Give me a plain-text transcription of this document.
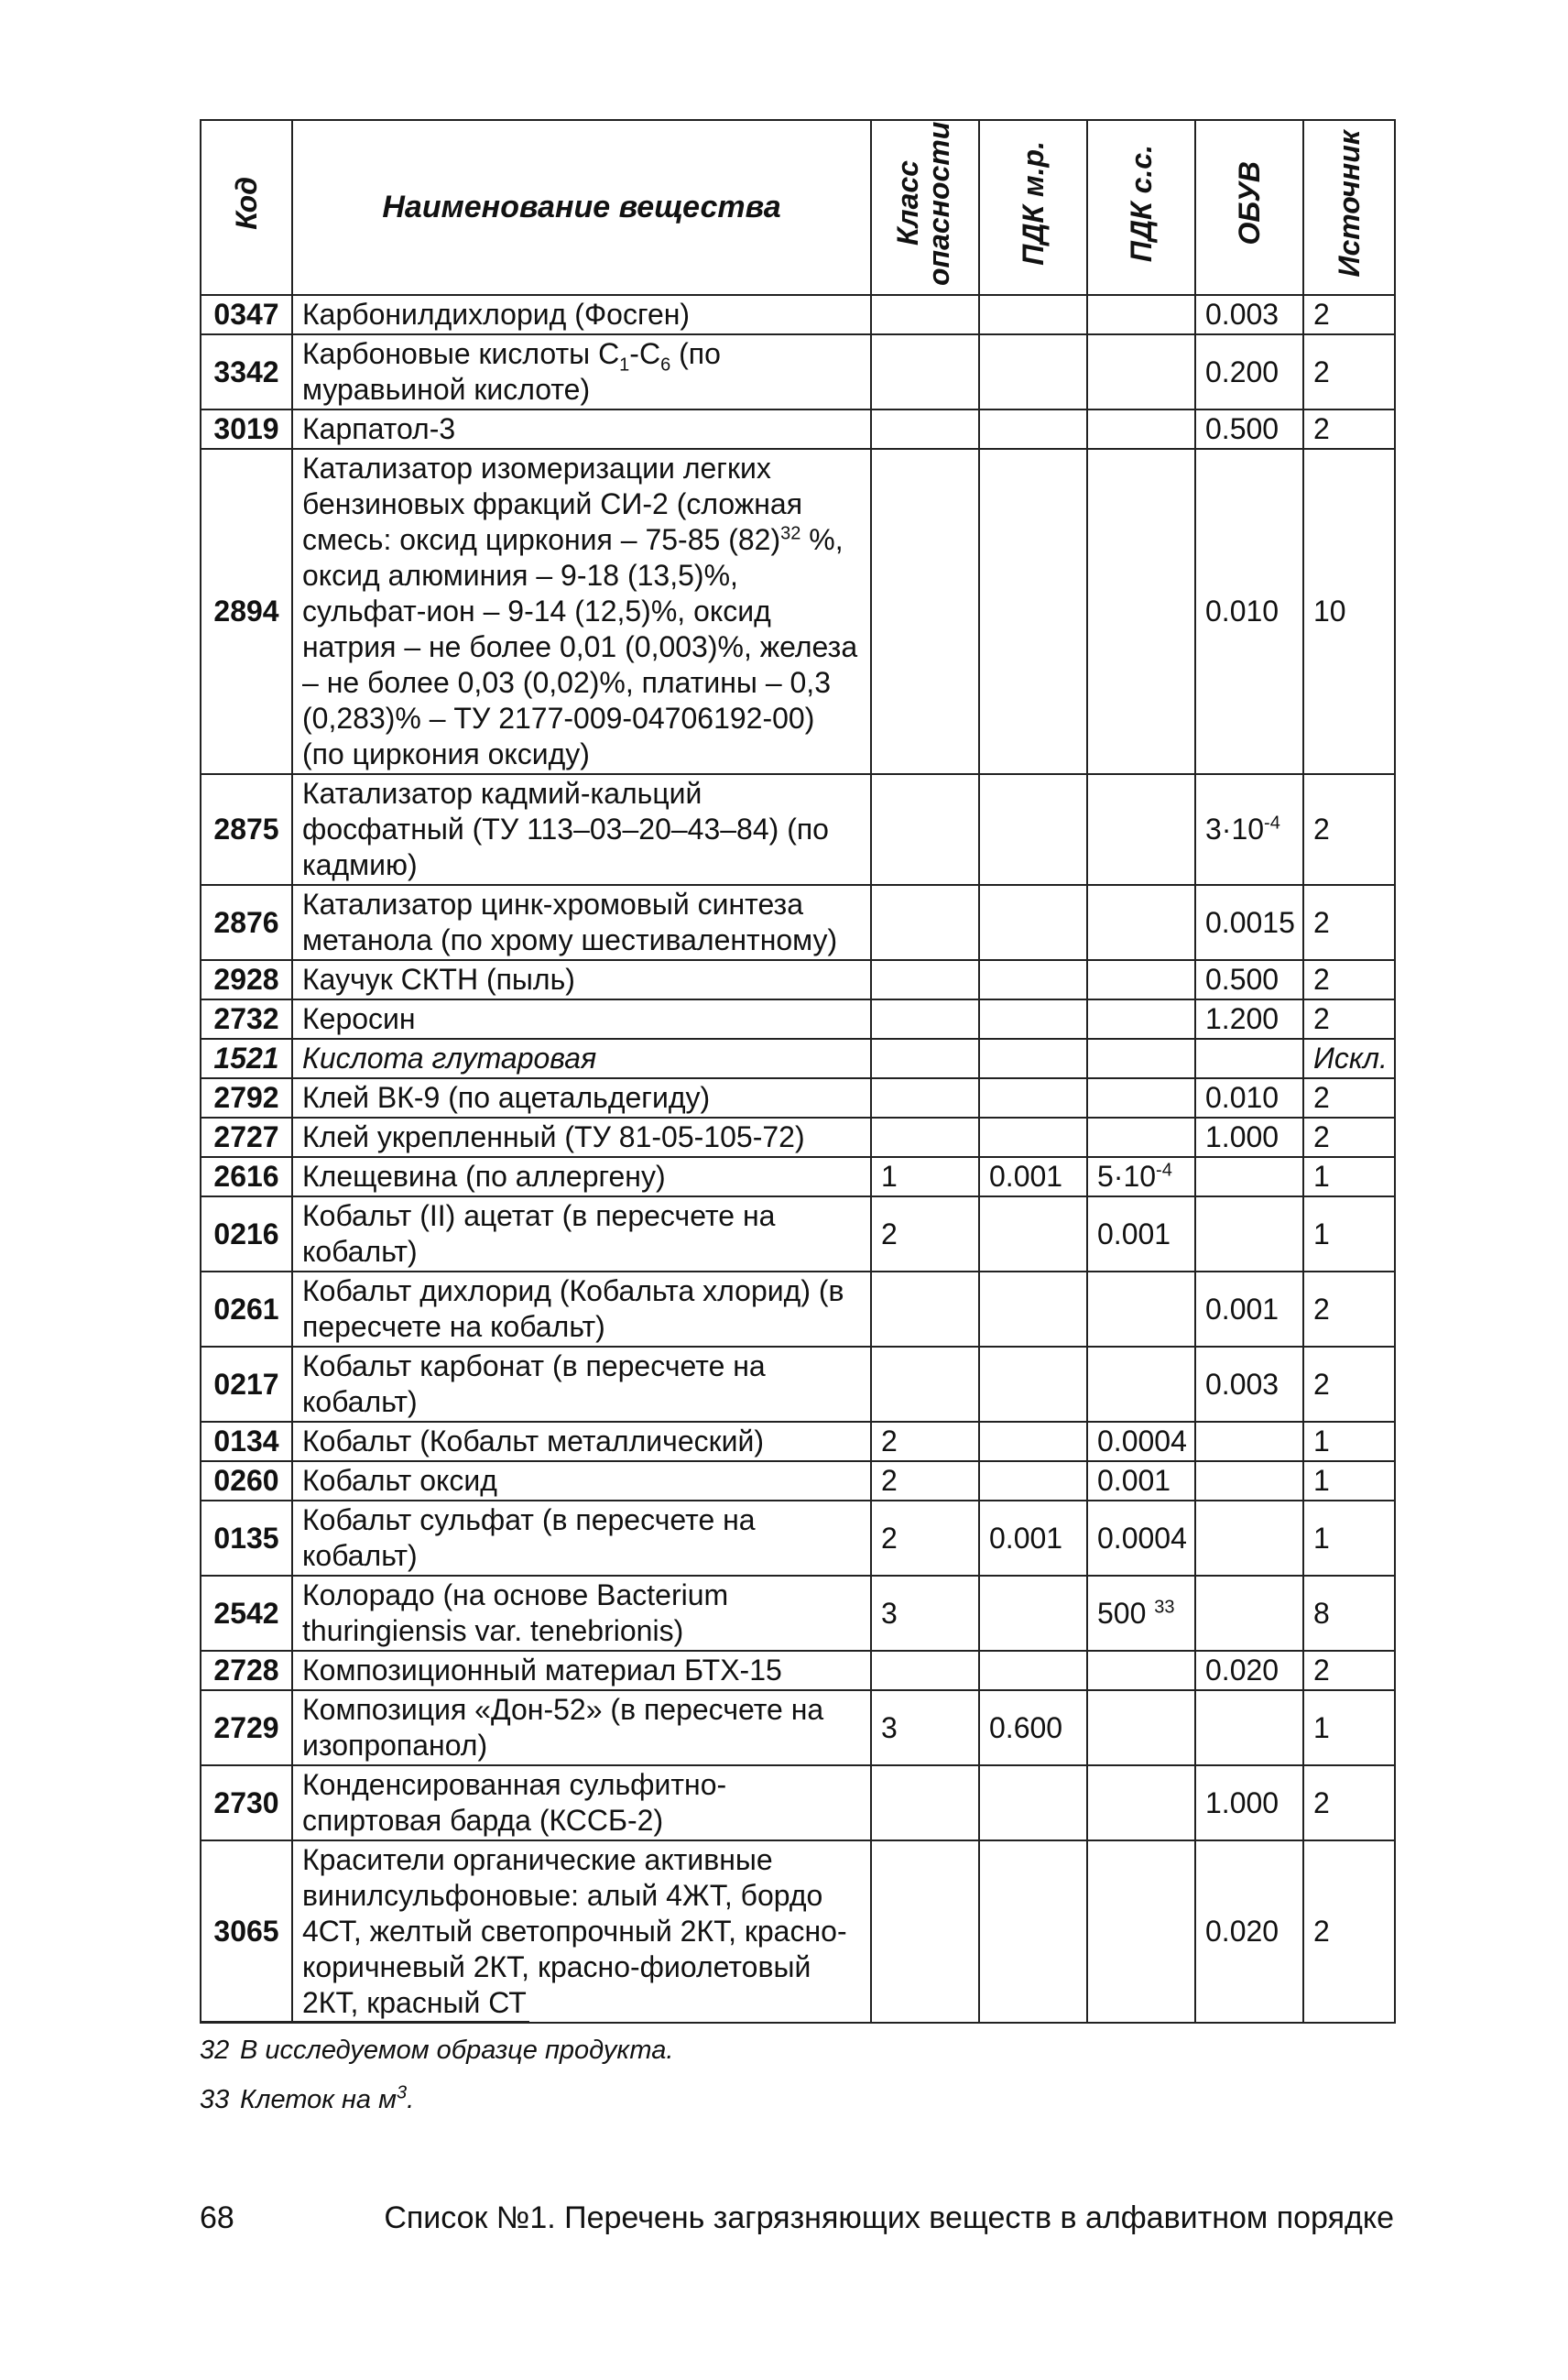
Код	Наименование вещества	Класс опасности	ПДК м.р.	ПДК с.с.	ОБУВ	Источник
0347	Карбонилдихлорид (Фосген)				0.003	2
3342	Карбоновые кислоты $C_1-C_6$ (по муравьиной кислоте)				0.200	2
3019	Карпатол-3				0.500	2
2894	Катализатор изомеризации легких бензиновых фракций СИ-2 (сложная смесь: оксид циркония – 75-85 $(82)^{32}$ %, оксид алюминия – 9-18 (13,5)%, сульфат-ион – 9-14 (12,5)%, оксид натрия – не более 0,01 (0,003)%, железа – не более 0,03 (0,02)%, платины – 0,3 (0,283)% – ТУ 2177-009-04706192-00) (по циркония оксиду)				0.010	10
2875	Катализатор кадмий-кальций фосфатный (ТУ 113–03–20–43–84) (по кадмию)				$3\cdot 10^{-4}$	2
2876	Катализатор цинк-хромовый синтеза метанола (по хрому шестивалентному)				0.0015	2
2928	Каучук СКТН (пыль)				0.500	2
2732	Керосин				1.200	2
1521	Кислота глутаровая					Искл.
2792	Клей ВК-9 (по ацетальдегиду)				0.010	2
2727	Клей укрепленный (ТУ 81-05-105-72)				1.000	2
2616	Клещевина (по аллергену)	1	0.001	$5\cdot 10^{-4}$		1
0216	Кобальт (II) ацетат (в пересчете на кобальт)	2		0.001		1
0261	Кобальт дихлорид (Кобальта хлорид) (в пересчете на кобальт)				0.001	2
0217	Кобальт карбонат (в пересчете на кобальт)				0.003	2
0134	Кобальт (Кобальт металлический)	2		0.0004		1
0260	Кобальт оксид	2		0.001		1
0135	Кобальт сульфат (в пересчете на кобальт)	2	0.001	0.0004		1
2542	Колорадо (на основе Bacterium thuringiensis var. tenebrionis)	3		500 $^{33}$		8
2728	Композиционный материал БТХ-15				0.020	2
2729	Композиция «Дон-52» (в пересчете на изопропанол)	3	0.600			1
2730	Конденсированная сульфитно-спиртовая барда (КССБ-2)				1.000	2
3065	Красители органические активные винилсульфоновые: алый 4ЖТ, бордо 4СТ, желтый светопрочный 2КТ, красно-коричневый 2КТ, красно-фиолетовый 2КТ, красный СТ				0.020	2
32 В исследуемом образце продукта.
33 Клеток на $м^3$.
68	Список №1. Перечень загрязняющих веществ в алфавитном порядке
